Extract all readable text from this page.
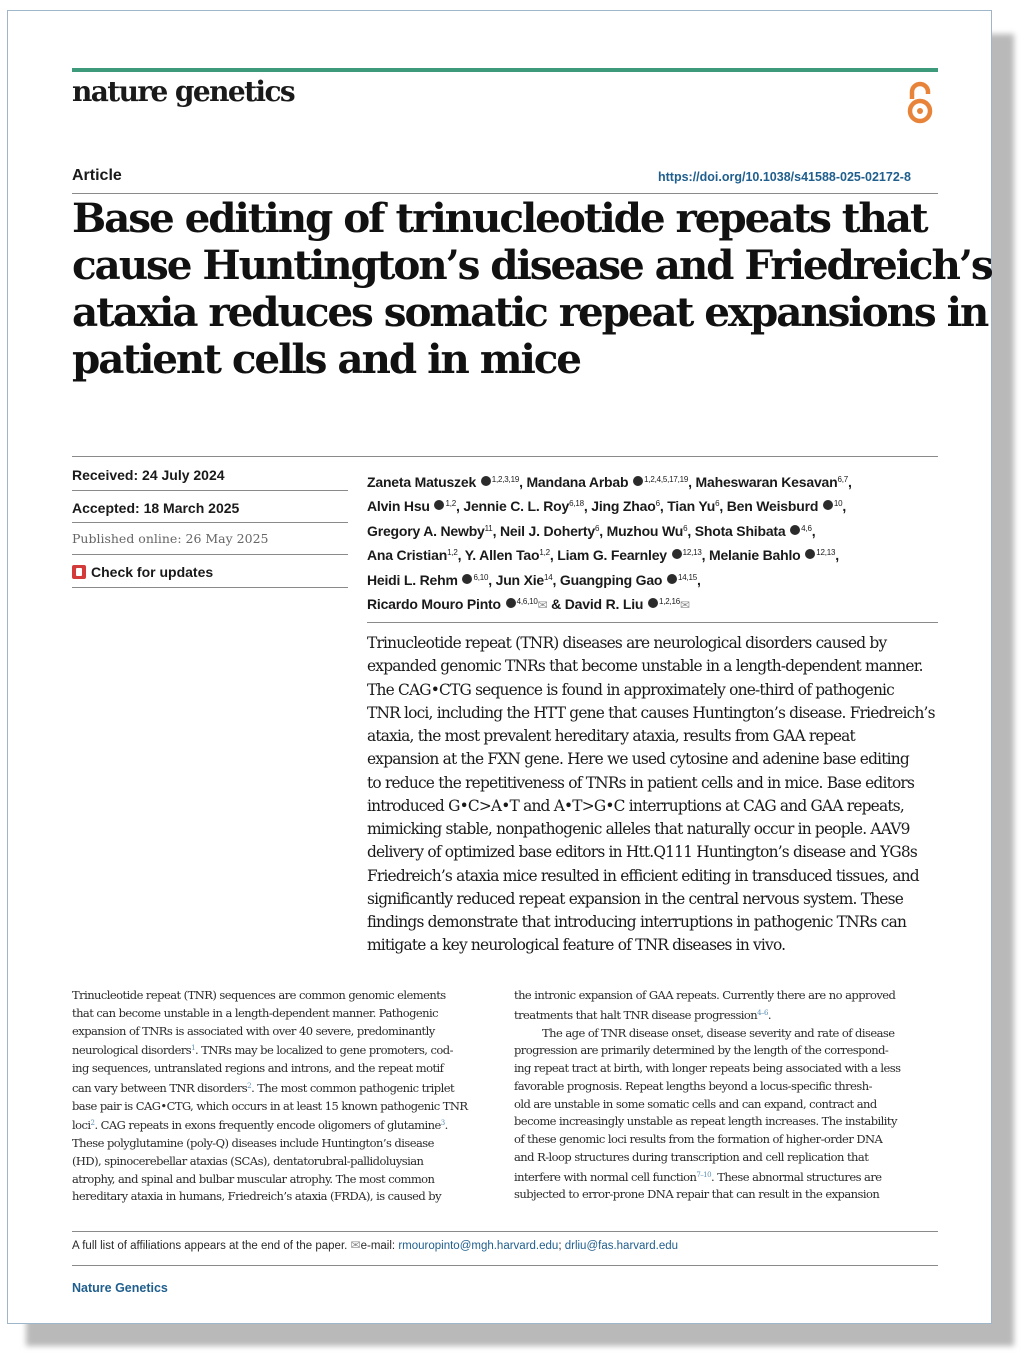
nature genetics
Article	https://doi.org/10.1038/s41588-025-02172-8
Base editing of trinucleotide repeats that
cause Huntington’s disease and Friedreich’s
ataxia reduces somatic repeat expansions in
patient cells and in mice
Received: 24 July 2024
Accepted: 18 March 2025
Published online: 26 May 2025
Check for updates
Zaneta Matuszek $^{1,2,3,19}$, Mandana Arbab $^{1,2,4,5,17,19}$, Maheswaran Kesavan$^{6,7}$,
Alvin Hsu $^{1,2}$, Jennie C. L. Roy$^{6,18}$, Jing Zhao$^6$, Tian Yu$^6$, Ben Weisburd $^{10}$,
Gregory A. Newby$^{11}$, Neil J. Doherty$^6$, Muzhou Wu$^6$, Shota Shibata $^{4,6}$,
Ana Cristian$^{1,2}$, Y. Allen Tao$^{1,2}$, Liam G. Fearnley $^{12,13}$, Melanie Bahlo $^{12,13}$,
Heidi L. Rehm $^{6,10}$, Jun Xie$^{14}$, Guangping Gao $^{14,15}$,
Ricardo Mouro Pinto $^{4,6,10}$✉ & David R. Liu $^{1,2,16}$✉
Trinucleotide repeat (TNR) diseases are neurological disorders caused by
expanded genomic TNRs that become unstable in a length-dependent manner.
The CAG•CTG sequence is found in approximately one-third of pathogenic
TNR loci, including the HTT gene that causes Huntington’s disease. Friedreich’s
ataxia, the most prevalent hereditary ataxia, results from GAA repeat
expansion at the FXN gene. Here we used cytosine and adenine base editing
to reduce the repetitiveness of TNRs in patient cells and in mice. Base editors
introduced G•C>A•T and A•T>G•C interruptions at CAG and GAA repeats,
mimicking stable, nonpathogenic alleles that naturally occur in people. AAV9
delivery of optimized base editors in Htt.Q111 Huntington’s disease and YG8s
Friedreich’s ataxia mice resulted in efficient editing in transduced tissues, and
significantly reduced repeat expansion in the central nervous system. These
findings demonstrate that introducing interruptions in pathogenic TNRs can
mitigate a key neurological feature of TNR diseases in vivo.
Trinucleotide repeat (TNR) sequences are common genomic elements
that can become unstable in a length-dependent manner. Pathogenic
expansion of TNRs is associated with over 40 severe, predominantly
neurological disorders$^1$. TNRs may be localized to gene promoters, cod-
ing sequences, untranslated regions and introns, and the repeat motif
can vary between TNR disorders$^2$. The most common pathogenic triplet
base pair is CAG•CTG, which occurs in at least 15 known pathogenic TNR
loci$^2$. CAG repeats in exons frequently encode oligomers of glutamine$^3$.
These polyglutamine (poly-Q) diseases include Huntington’s disease
(HD), spinocerebellar ataxias (SCAs), dentatorubral-pallidoluysian
atrophy, and spinal and bulbar muscular atrophy. The most common
hereditary ataxia in humans, Friedreich’s ataxia (FRDA), is caused by
the intronic expansion of GAA repeats. Currently there are no approved
treatments that halt TNR disease progression$^{4-6}$.
The age of TNR disease onset, disease severity and rate of disease
progression are primarily determined by the length of the correspond-
ing repeat tract at birth, with longer repeats being associated with a less
favorable prognosis. Repeat lengths beyond a locus-specific thresh-
old are unstable in some somatic cells and can expand, contract and
become increasingly unstable as repeat length increases. The instability
of these genomic loci results from the formation of higher-order DNA
and R-loop structures during transcription and cell replication that
interfere with normal cell function$^{7-10}$. These abnormal structures are
subjected to error-prone DNA repair that can result in the expansion
A full list of affiliations appears at the end of the paper. ✉e-mail: rmouropinto@mgh.harvard.edu; drliu@fas.harvard.edu
Nature Genetics
